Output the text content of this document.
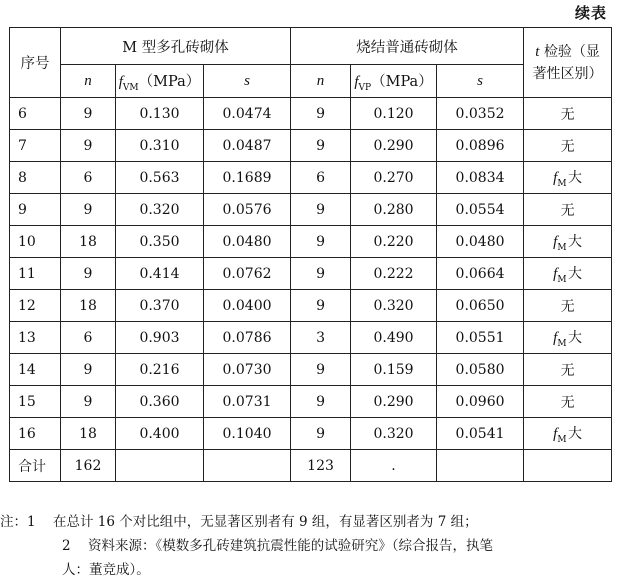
续表
序号	M 型多孔砖砌体			烧结普通砖砌体			t 检验（显
著性区别）
	n	$f_{VM}(MPa)$	s	n	$f_{VP}(MPa)$	s	
6	9	0.130	0.0474	9	0.120	0.0352	无
7	9	0.310	0.0487	9	0.290	0.0896	无
8	6	0.563	0.1689	6	0.270	0.0834	$f_M$ 大
9	9	0.320	0.0576	9	0.280	0.0554	无
10	18	0.350	0.0480	9	0.220	0.0480	$f_M$ 大
11	9	0.414	0.0762	9	0.222	0.0664	$f_M$ 大
12	18	0.370	0.0400	9	0.320	0.0650	无
13	6	0.903	0.0786	3	0.490	0.0551	$f_M$ 大
14	9	0.216	0.0730	9	0.159	0.0580	无
15	9	0.360	0.0731	9	0.290	0.0960	无
16	18	0.400	0.1040	9	0.320	0.0541	$f_M$ 大
合计	162			123	.		
注：1 在总计 16 个对比组中，无显著区别者有 9 组，有显著区别者为 7 组；
2 资料来源：《模数多孔砖建筑抗震性能的试验研究》（综合报告，执笔
人：董竞成）。
